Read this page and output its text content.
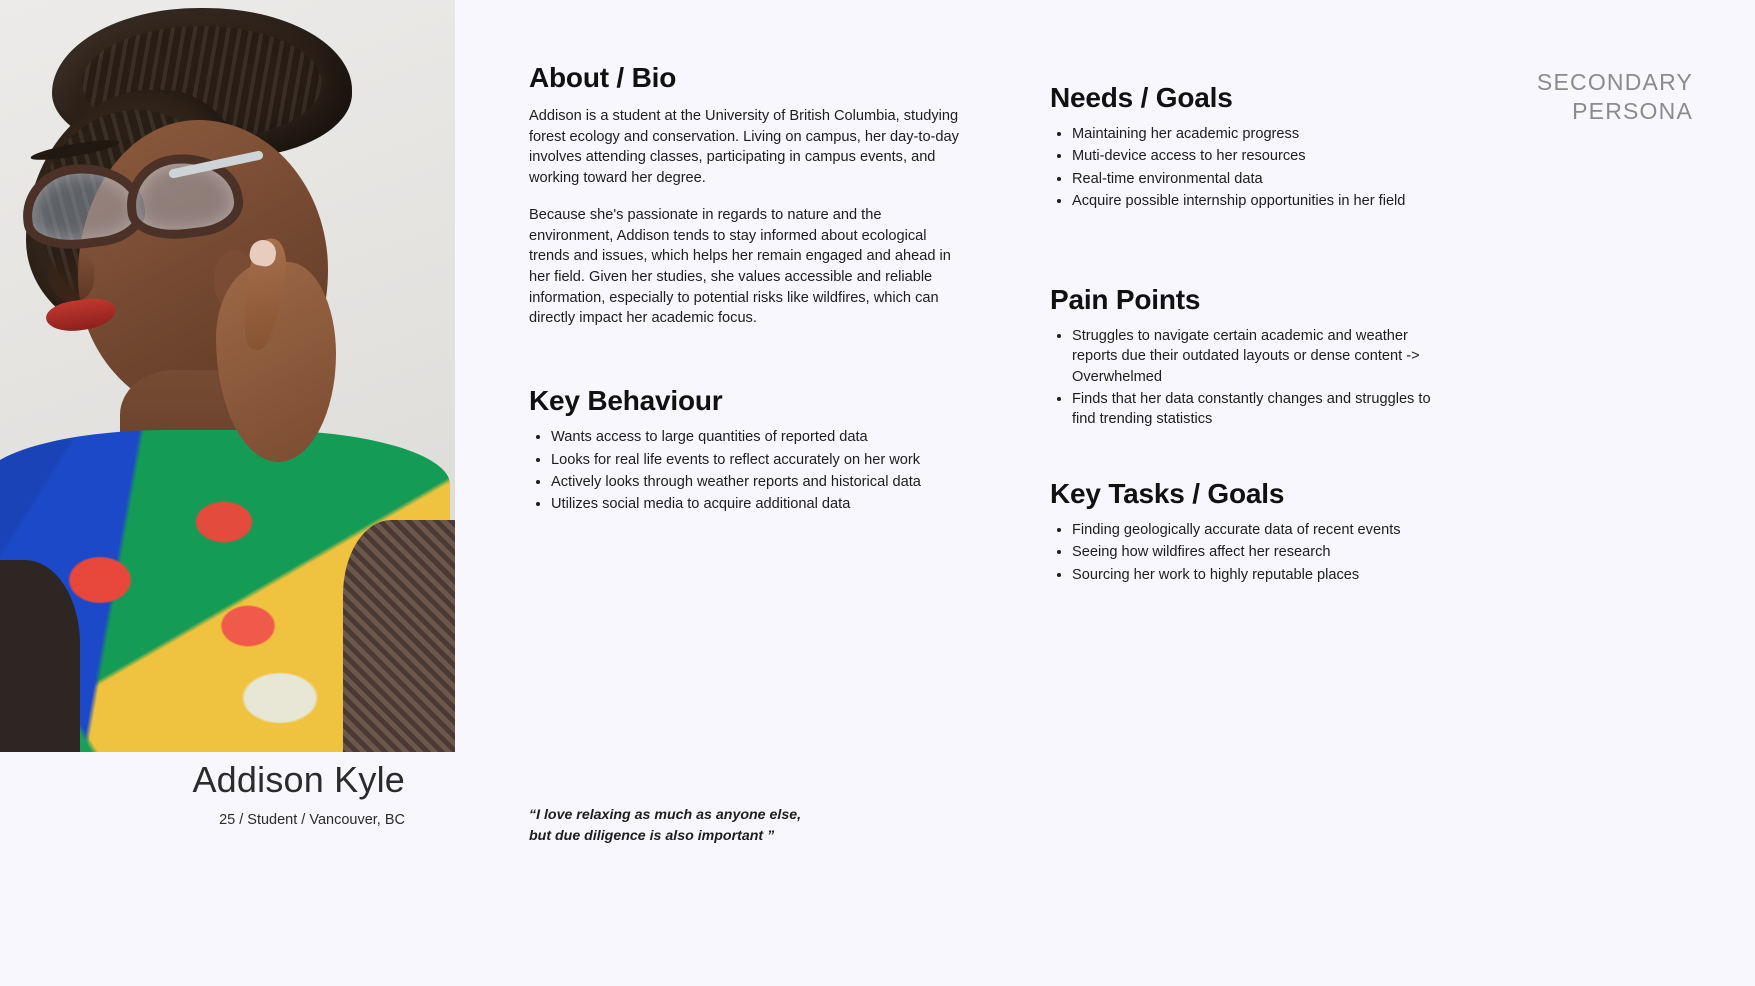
Addison Kyle
25 / Student / Vancouver, BC
About / Bio

Addison is a student at the University of British Columbia, studying forest ecology and conservation. Living on campus, her day-to-day involves attending classes, participating in campus events, and working toward her degree.

Because she's passionate in regards to nature and the environment, Addison tends to stay informed about ecological trends and issues, which helps her remain engaged and ahead in her field. Given her studies, she values accessible and reliable information, especially to potential risks like wildfires, which can directly impact her academic focus.

Key Behaviour
• Wants access to large quantities of reported data
• Looks for real life events to reflect accurately on her work
• Actively looks through weather reports and historical data
• Utilizes social media to acquire additional data
“I love relaxing as much as anyone else,
but due diligence is also important ”
Needs / Goals
• Maintaining her academic progress
• Muti-device access to her resources
• Real-time environmental data
• Acquire possible internship opportunities in her field
Pain Points
• Struggles to navigate certain academic and weather reports due their outdated layouts or dense content -> Overwhelmed
• Finds that her data constantly changes and struggles to find trending statistics
Key Tasks / Goals
• Finding geologically accurate data of recent events
• Seeing how wildfires affect her research
• Sourcing her work to highly reputable places
SECONDARY
PERSONA
